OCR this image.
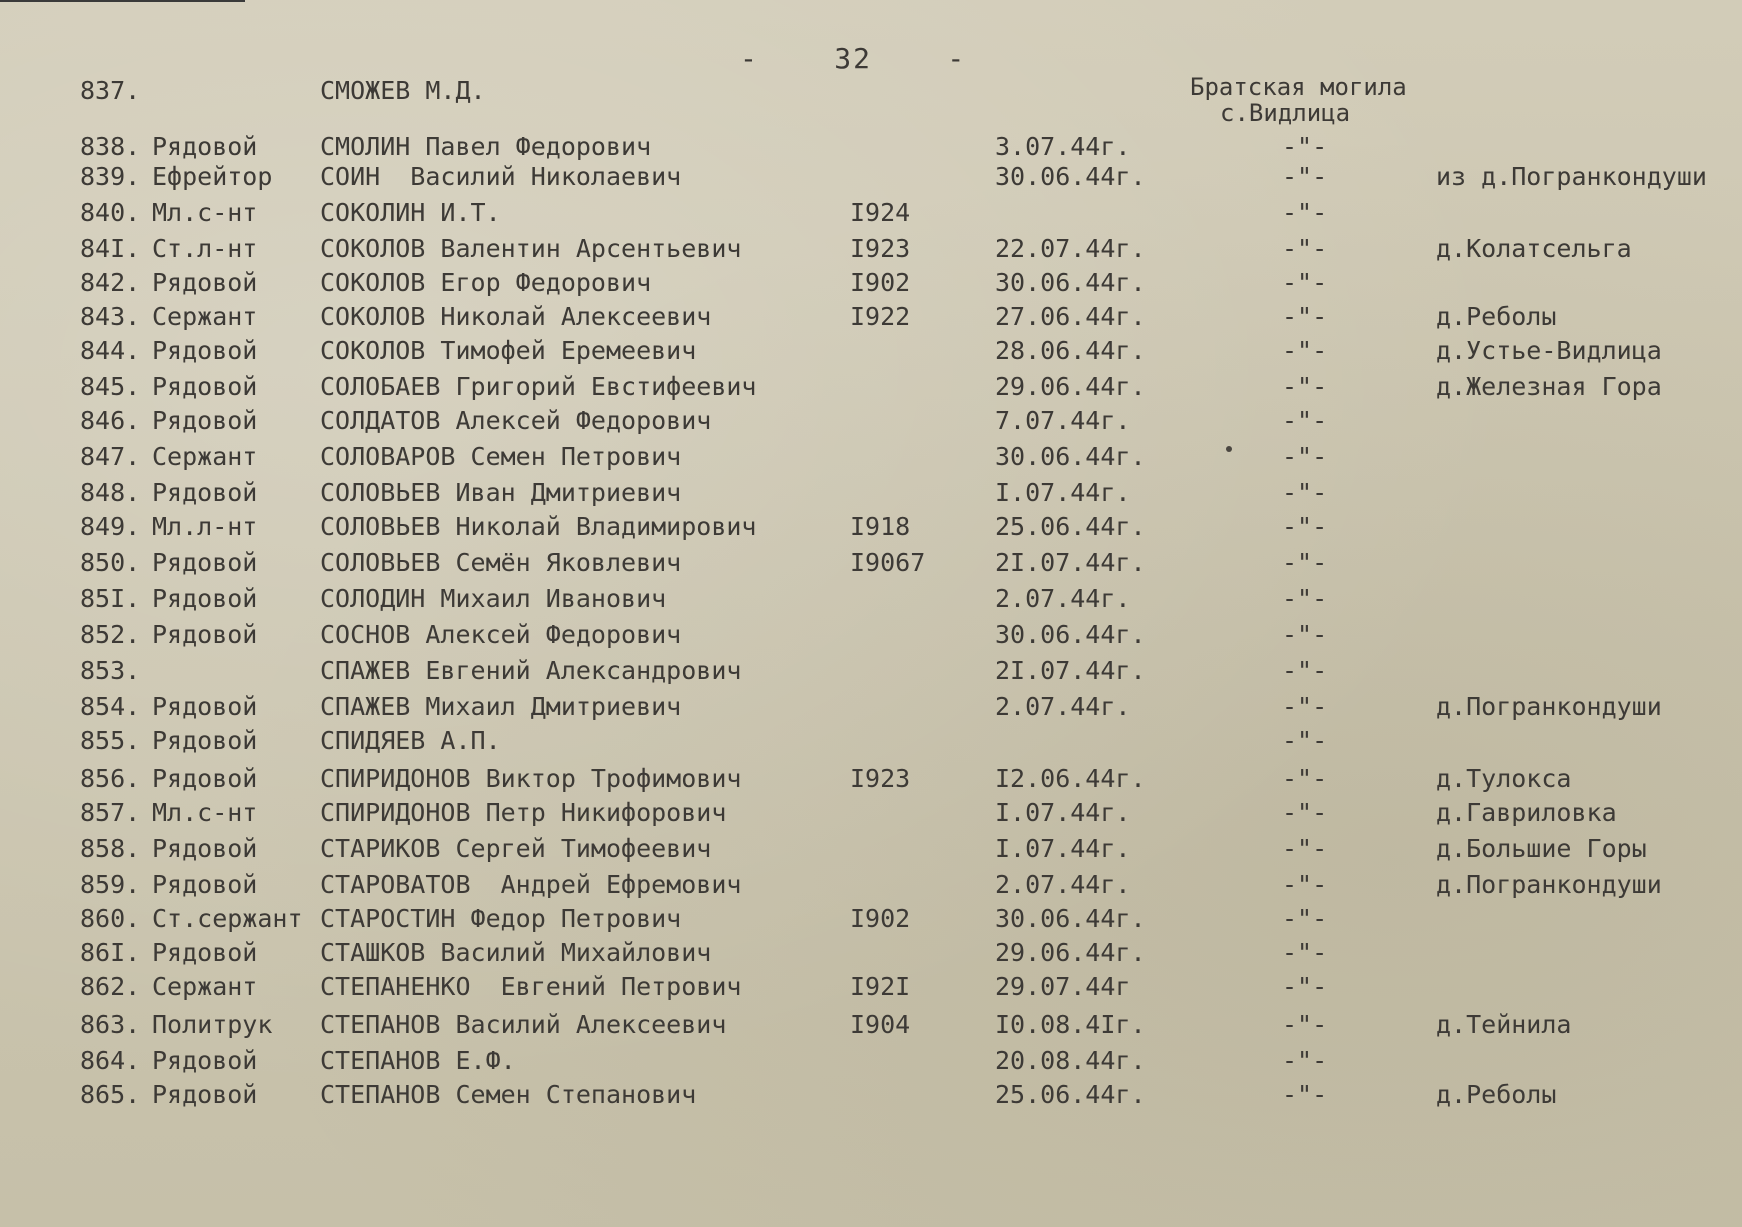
-    32    -
Братская могила
с.Видлица
837.	СМОЖЕВ М.Д.
838. Рядовой	СМОЛИН Павел Федорович	3.07.44г.	-"-
839. Ефрейтор СОИН  Василий Николаевич	30.06.44г.	-"-	из д.Погранкондуши
840. Мл.с-нт	СОКОЛИН И.Т.	I924	-"-
84I. Ст.л-нт	СОКОЛОВ Валентин Арсентьевич	I923	22.07.44г.	-"-	д.Колатсельга
842. Рядовой	СОКОЛОВ Егор Федорович	I902	30.06.44г.	-"-
843. Сержант	СОКОЛОВ Николай Алексеевич	I922	27.06.44г.	-"-	д.Реболы
844. Рядовой	СОКОЛОВ Тимофей Еремеевич	28.06.44г.	-"-	д.Устье-Видлица
845. Рядовой	СОЛОБАЕВ Григорий Евстифеевич	29.06.44г.	-"-	д.Железная Гора
846. Рядовой	СОЛДАТОВ Алексей Федорович	7.07.44г.	-"-
847. Сержант	СОЛОВАРОВ Семен Петрович	30.06.44г.	-"-
848. Рядовой	СОЛОВЬЕВ Иван Дмитриевич	I.07.44г.	-"-
849. Мл.л-нт	СОЛОВЬЕВ Николай Владимирович	I918	25.06.44г.	-"-
850. Рядовой	СОЛОВЬЕВ Семён Яковлевич	I9067	2I.07.44г.	-"-
85I. Рядовой	СОЛОДИН Михаил Иванович	2.07.44г.	-"-
852. Рядовой	СОСНОВ Алексей Федорович	30.06.44г.	-"-
853.	СПАЖЕВ Евгений Александрович	2I.07.44г.	-"-
854. Рядовой	СПАЖЕВ Михаил Дмитриевич	2.07.44г.	-"-	д.Погранкондуши
855. Рядовой	СПИДЯЕВ А.П.	-"-
856. Рядовой	СПИРИДОНОВ Виктор Трофимович	I923	I2.06.44г.	-"-	д.Тулокса
857. Мл.с-нт	СПИРИДОНОВ Петр Никифорович	I.07.44г.	-"-	д.Гавриловка
858. Рядовой	СТАРИКОВ Сергей Тимофеевич	I.07.44г.	-"-	д.Большие Горы
859. Рядовой	СТАРОВАТОВ  Андрей Ефремович	2.07.44г.	-"-	д.Погранкондуши
860. Ст.сержант СТАРОСТИН Федор Петрович	I902	30.06.44г.	-"-
86I. Рядовой	СТАШКОВ Василий Михайлович	29.06.44г.	-"-
862. Сержант	СТЕПАНЕНКО  Евгений Петрович	I92I	29.07.44г	-"-
863. Политрук СТЕПАНОВ Василий Алексеевич	I904	I0.08.4Iг.	-"-	д.Тейнила
864. Рядовой	СТЕПАНОВ Е.Ф.	20.08.44г.	-"-
865. Рядовой	СТЕПАНОВ Семен Степанович	25.06.44г.	-"-	д.Реболы
